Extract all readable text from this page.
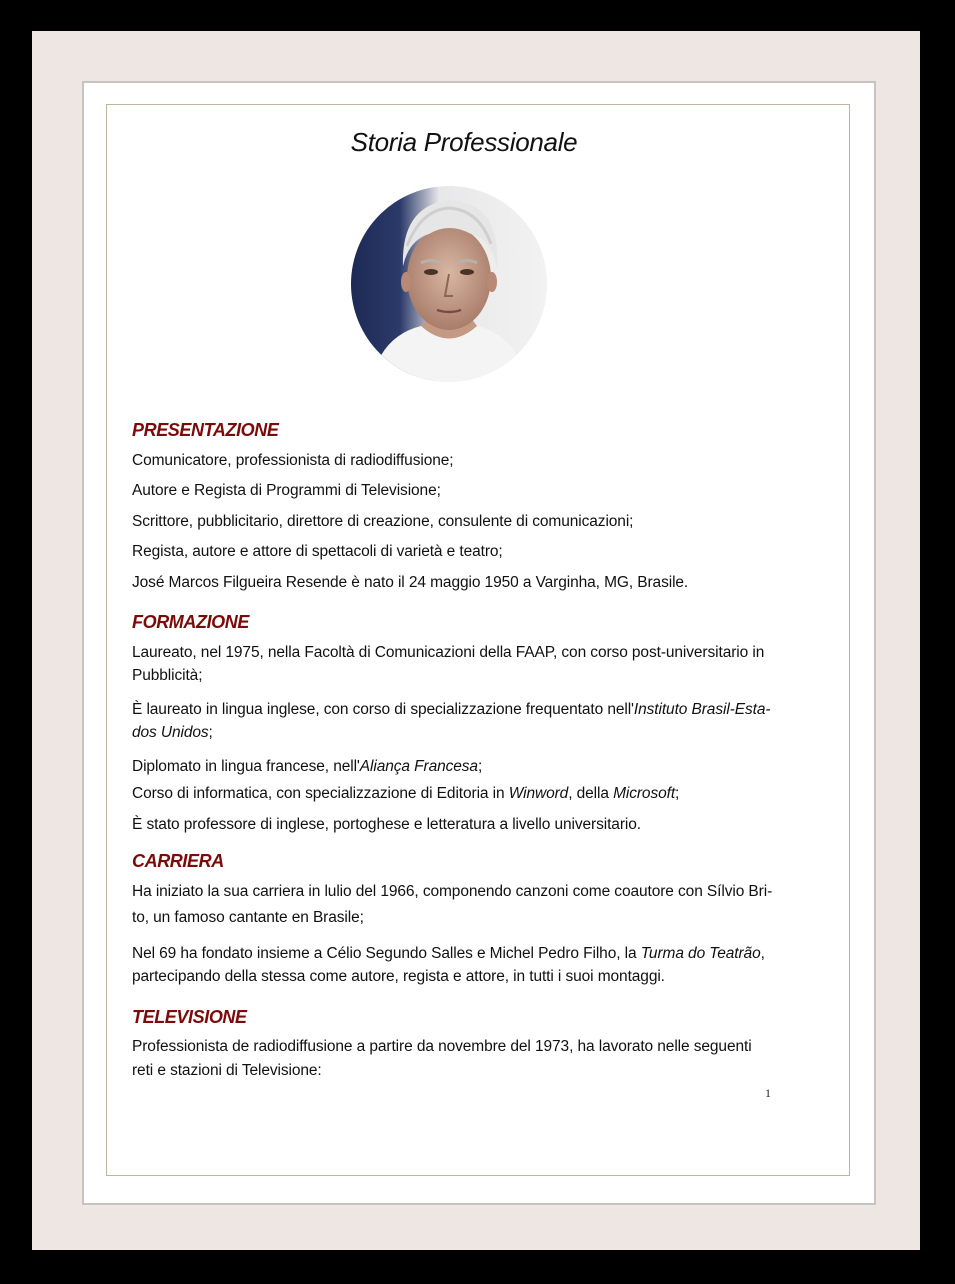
Storia Professionale
PRESENTAZIONE
Comunicatore, professionista di radiodiffusione;
Autore e Regista di Programmi di Televisione;
Scrittore, pubblicitario, direttore di creazione, consulente di comunicazioni;
Regista, autore e attore di spettacoli di varietà e teatro;
José Marcos Filgueira Resende è nato il 24 maggio 1950 a Varginha, MG, Brasile.
FORMAZIONE
Laureato, nel 1975, nella Facoltà di Comunicazioni della FAAP, con corso post-universitario in
Pubblicità;
È laureato in lingua inglese, con corso di specializzazione frequentato nell'Instituto Brasil-Esta-
dos Unidos;
Diplomato in lingua francese, nell'Aliança Francesa;
Corso di informatica, con specializzazione di Editoria in Winword, della Microsoft;
È stato professore di inglese, portoghese e letteratura a livello universitario.
CARRIERA
Ha iniziato la sua carriera in lulio del 1966, componendo canzoni come coautore con Sílvio Bri-
to, un famoso cantante en Brasile;
Nel 69 ha fondato insieme a Célio Segundo Salles e Michel Pedro Filho, la Turma do Teatrão,
partecipando della stessa come autore, regista e attore, in tutti i suoi montaggi.
TELEVISIONE
Professionista de radiodiffusione a partire da novembre del 1973, ha lavorato nelle seguenti
reti e stazioni di Televisione:
1
